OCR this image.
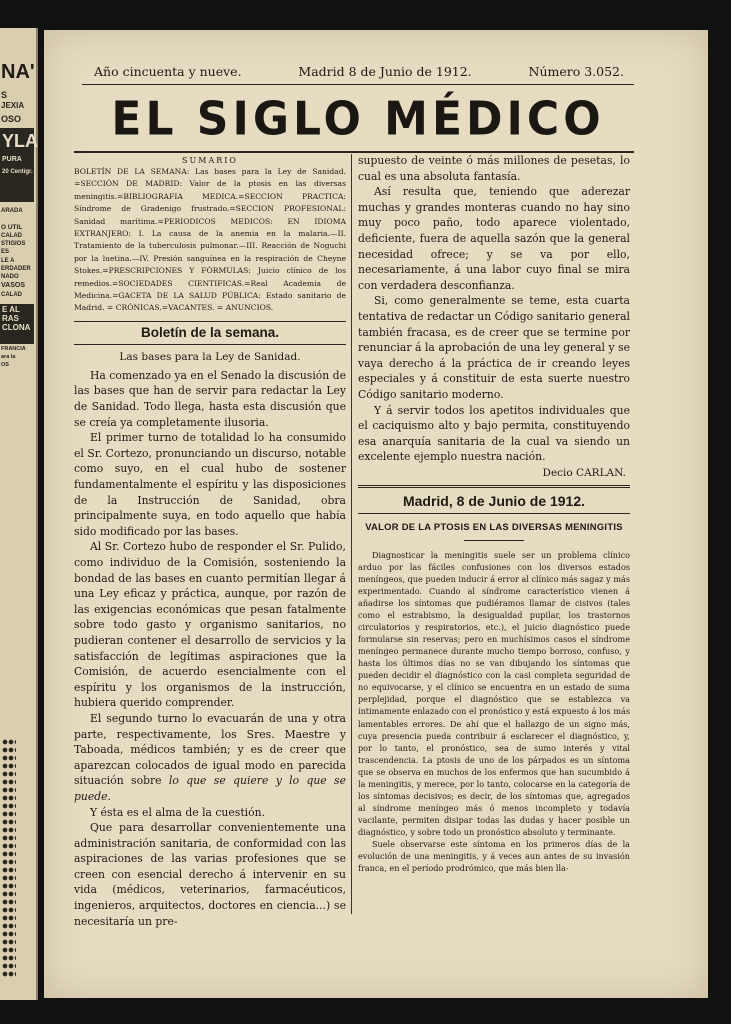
NA'
S
JEXIA
OSO
YLA
PURA
20 Centígr.
ARADA
O UTIL
CALAD
STIGIOS
ES
LE A
ERDADER
NADO
VASOS
CALAD
E AL
RAS
CLONA
FRANCIA
ara la
OS
Año cincuenta y nueve.	Madrid 8 de Junio de 1912.	Número 3.052.
EL SIGLO MÉDICO
SUMARIO
BOLETÍN DE LA SEMANA: Las bases para la Ley de Sanidad. =SECCIÓN DE MADRID: Valor de la ptosis en las diversas meningitis.=BIBLIOGRAFIA MEDICA.=SECCION PRACTICA: Síndrome de Gradenigo frustrado.=SECCION PROFESIONAL: Sanidad marítima.=PERIODICOS MEDICOS: EN IDIOMA EXTRANJERO: I. La causa de la anemia en la malaria.—II. Tratamiento de la tuberculosis pulmonar.—III. Reacción de Noguchi por la luetina.—IV. Presión sanguínea en la respiración de Cheyne Stokes.=PRESCRIPCIONES Y FÓRMULAS: Juicio clínico de los remedios.=SOCIEDADES CIENTIFICAS.=Real Academia de Medicina.=GACETA DE LA SALUD PÚBLICA: Estado sanitario de Madrid. = CRÓNICAS.=VACANTES. = ANUNCIOS.
Boletín de la semana.
Las bases para la Ley de Sanidad.

Ha comenzado ya en el Senado la discusión de las bases que han de servir para redactar la Ley de Sanidad. Todo llega, hasta esta discusión que se creía ya completamente ilusoria.

El primer turno de totalidad lo ha consumido el Sr. Cortezo, pronunciando un discurso, notable como suyo, en el cual hubo de sostener fundamentalmente el espíritu y las disposiciones de la Instrucción de Sanidad, obra principalmente suya, en todo aquello que había sido modificado por las bases.

Al Sr. Cortezo hubo de responder el Sr. Pulido, como individuo de la Comisión, sosteniendo la bondad de las bases en cuanto permitían llegar á una Ley eficaz y práctica, aunque, por razón de las exigencias económicas que pesan fatalmente sobre todo gasto y organismo sanitarios, no pudieran contener el desarrollo de servicios y la satisfacción de legítimas aspiraciones que la Comisión, de acuerdo esencialmente con el espíritu y los organismos de la instrucción, hubiera querido comprender.

El segundo turno lo evacuarán de una y otra parte, respectivamente, los Sres. Maestre y Taboada, médicos también; y es de creer que aparezcan colocados de igual modo en parecida situación sobre lo que se quiere y lo que se puede.

Y ésta es el alma de la cuestión.

Que para desarrollar convenientemente una administración sanitaria, de conformidad con las aspiraciones de las varias profesiones que se creen con esencial derecho á intervenir en su vida (médicos, veterinarios, farmacéuticos, ingenieros, arquitectos, doctores en ciencia...) se necesitaría un pre-

supuesto de veinte ó más millones de pesetas, lo cual es una absoluta fantasía.

Así resulta que, teniendo que aderezar muchas y grandes monteras cuando no hay sino muy poco paño, todo aparece violentado, deficiente, fuera de aquella sazón que la general necesidad ofrece; y se va por ello, necesariamente, á una labor cuyo final se mira con verdadera desconfianza.

Si, como generalmente se teme, esta cuarta tentativa de redactar un Código sanitario general también fracasa, es de creer que se termine por renunciar á la aprobación de una ley general y se vaya derecho á la práctica de ir creando leyes especiales y á constituir de esta suerte nuestro Código sanitario moderno.

Y á servir todos los apetitos individuales que el caciquismo alto y bajo permita, constituyendo esa anarquía sanitaria de la cual va siendo un excelente ejemplo nuestra nación.

Decio CARLAN.
Madrid, 8 de Junio de 1912.
VALOR DE LA PTOSIS EN LAS DIVERSAS MENINGITIS

Diagnosticar la meningitis suele ser un problema clínico arduo por las fáciles confusiones con los diversos estados meníngeos, que pueden inducir á error al clínico más sagaz y más experimentado. Cuando al síndrome característico vienen á añadirse los síntomas que pudiéramos llamar de cisivos (tales como el estrabismo, la desigualdad pupilar, los trastornos circulatorios y respiratorios, etc.), el juicio diagnóstico puede formularse sin reservas; pero en muchísimos casos el síndrome meníngeo permanece durante mucho tiempo borroso, confuso, y hasta los últimos días no se van dibujando los síntomas que pueden decidir el diagnóstico con la casi completa seguridad de no equivocarse, y el clínico se encuentra en un estado de suma perplejidad, porque el diagnóstico que se establezca va íntimamente enlazado con el pronóstico y está expuesto á los más lamentables errores. De ahí que el hallazgo de un signo más, cuya presencia pueda contribuir á esclarecer el diagnóstico, y, por lo tanto, el pronóstico, sea de sumo interés y vital trascendencia. La ptosis de uno de los párpados es un síntoma que se observa en muchos de los enfermos que han sucumbido á la meningitis, y merece, por lo tanto, colocarse en la categoría de los síntomas decisivos; es decir, de los síntomas que, agregados al síndrome meníngeo más ó menos incompleto y todavía vacilante, permiten disipar todas las dudas y hacer posible un diagnóstico, y sobre todo un pronóstico absoluto y terminante.

Suele observarse este síntoma en los primeros días de la evolución de una meningitis, y á veces aun antes de su invasión franca, en el período prodrómico, que más bien lla-
